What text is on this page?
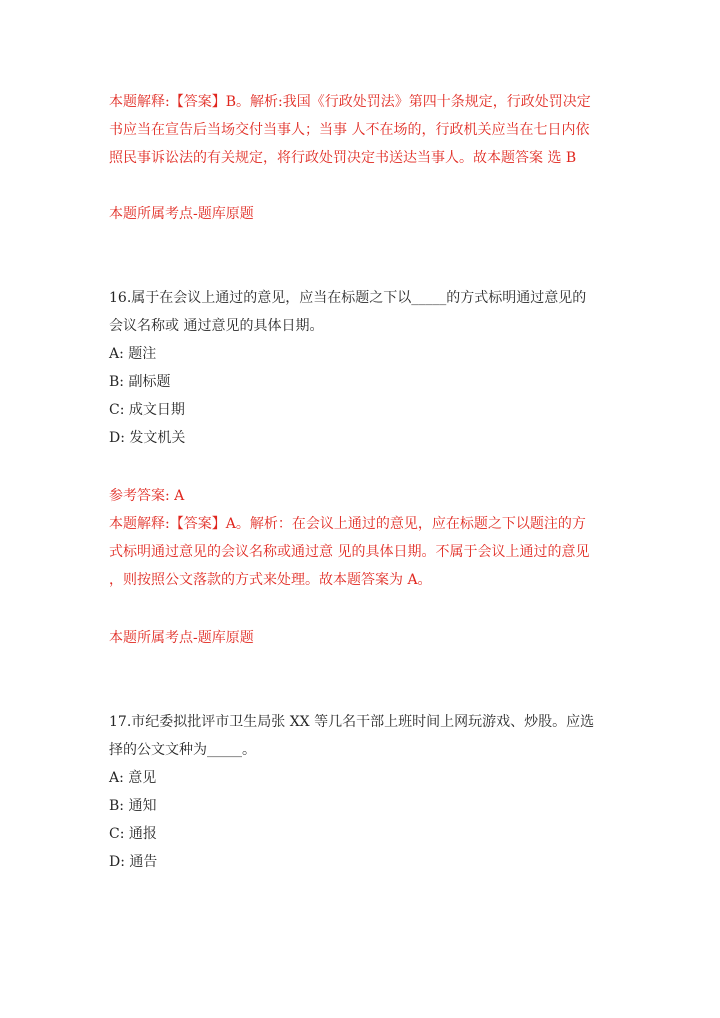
本题解释:【答案】B。解析:我国《行政处罚法》第四十条规定，行政处罚决定
书应当在宣告后当场交付当事人；当事 人不在场的，行政机关应当在七日内依
照民事诉讼法的有关规定，将行政处罚决定书送达当事人。故本题答案 选 B
本题所属考点-题库原题
16.属于在会议上通过的意见，应当在标题之下以_____的方式标明通过意见的
会议名称或 通过意见的具体日期。
A: 题注
B: 副标题
C: 成文日期
D: 发文机关
参考答案: A
本题解释:【答案】A。解析：在会议上通过的意见，应在标题之下以题注的方
式标明通过意见的会议名称或通过意 见的具体日期。不属于会议上通过的意见
，则按照公文落款的方式来处理。故本题答案为 A。
本题所属考点-题库原题
17.市纪委拟批评市卫生局张 XX 等几名干部上班时间上网玩游戏、炒股。应选
择的公文文种为_____。
A: 意见
B: 通知
C: 通报
D: 通告
